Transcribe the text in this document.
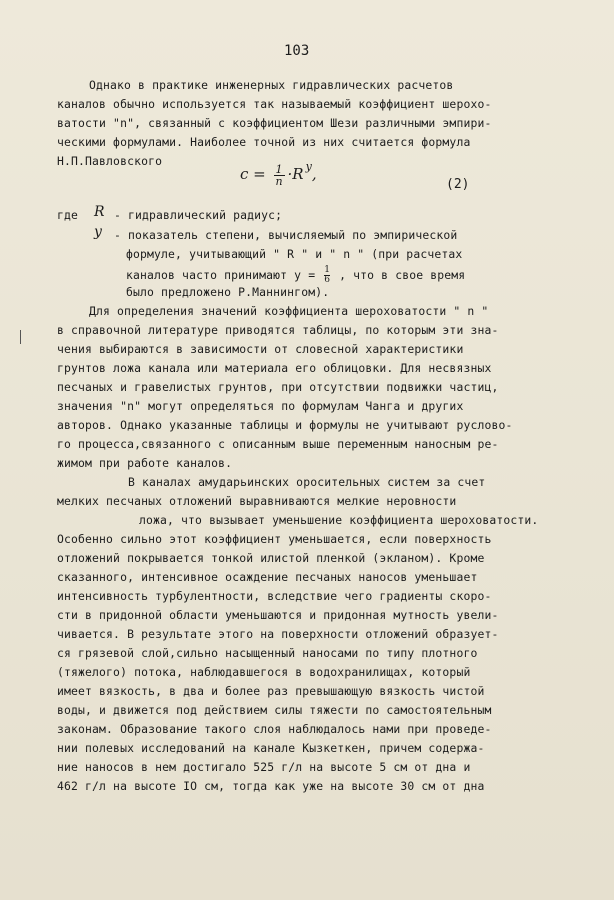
103
Однако в практике инженерных гидравлических расчетов
каналов обычно используется так называемый коэффициент шерохо-
ватости "n", связанный с коэффициентом Шези различными эмпири-
ческими формулами. Наиболее точной из них считается формула
Н.П.Павловского
$c = \frac{1}{n} \cdot R$ $^y$,
(2)
где R - гидравлический радиус;
y - показатель степени, вычисляемый по эмпирической
формуле, учитывающий " R " и " n " (при расчетах
каналов часто принимают $y = \frac{1}{6}$ , что в свое время
было предложено Р.Маннингом).
Для определения значений коэффициента шероховатости " n "
в справочной литературе приводятся таблицы, по которым эти зна-
чения выбираются в зависимости от словесной характеристики
грунтов ложа канала или материала его облицовки. Для несвязных
песчаных и гравелистых грунтов, при отсутствии подвижки частиц,
значения "n" могут определяться по формулам Чанга и других
авторов. Однако указанные таблицы и формулы не учитывают руслово-
го процесса,связанного с описанным выше переменным наносным ре-
жимом при работе каналов.
В каналах амударьинских оросительных систем за счет
мелких песчаных отложений выравниваются мелкие неровности
ложа, что вызывает уменьшение коэффициента шероховатости.
Особенно сильно этот коэффициент уменьшается, если поверхность
отложений покрывается тонкой илистой пленкой (экланом). Кроме
сказанного, интенсивное осаждение песчаных наносов уменьшает
интенсивность турбулентности, вследствие чего градиенты скоро-
сти в придонной области уменьшаются и придонная мутность увели-
чивается. В результате этого на поверхности отложений образует-
ся грязевой слой,сильно насыщенный наносами по типу плотного
(тяжелого) потока, наблюдавшегося в водохранилищах, который
имеет вязкость, в два и более раз превышающую вязкость чистой
воды, и движется под действием силы тяжести по самостоятельным
законам. Образование такого слоя наблюдалось нами при проведе-
нии полевых исследований на канале Кызкеткен, причем содержа-
ние наносов в нем достигало 525 г/л на высоте 5 см от дна и
462 г/л на высоте IO см, тогда как уже на высоте 30 см от дна
